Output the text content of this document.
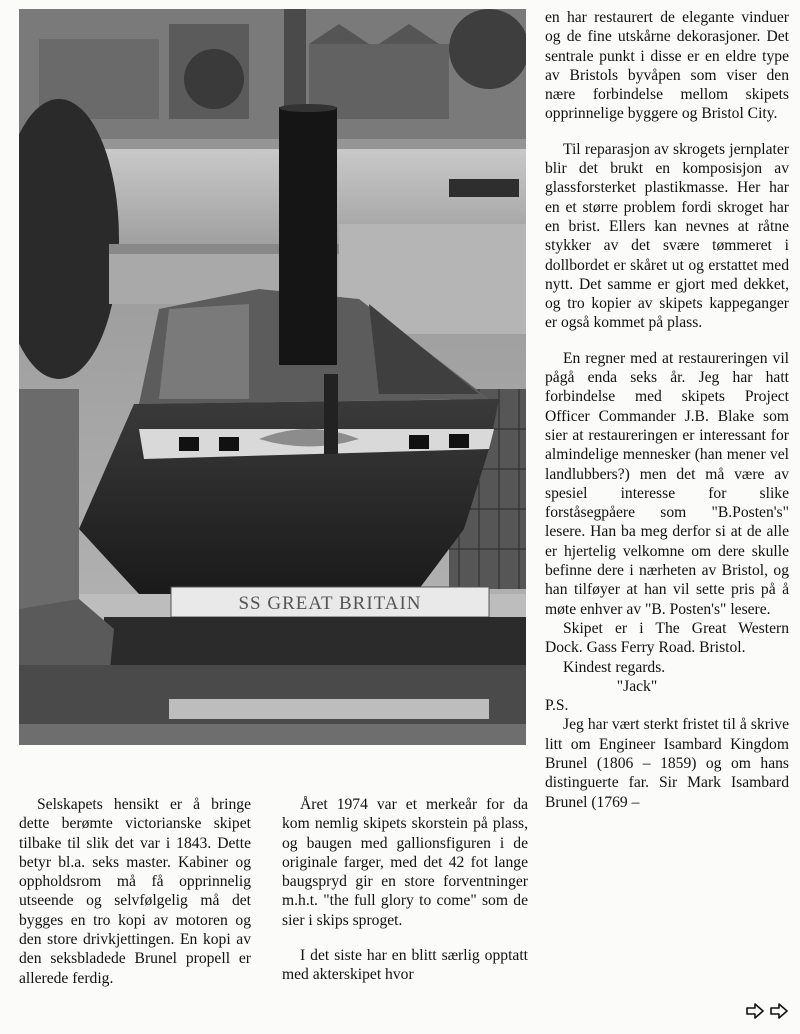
SS GREAT BRITAIN

en har restaurert de elegante vinduer og de fine utskårne dekorasjoner. Det sentrale punkt i disse er en eldre type av Bristols byvåpen som viser den nære forbindelse mellom skipets opprinnelige byggere og Bristol City.

Til reparasjon av skrogets jernplater blir det brukt en komposisjon av glassforsterket plastikmasse. Her har en et større problem fordi skroget har en brist. Ellers kan nevnes at råtne stykker av det svære tømmeret i dollbordet er skåret ut og erstattet med nytt. Det samme er gjort med dekket, og tro kopier av skipets kappeganger er også kommet på plass.

En regner med at restaureringen vil pågå enda seks år. Jeg har hatt forbindelse med skipets Project Officer Commander J.B. Blake som sier at restaureringen er interessant for almindelige mennesker (han mener vel landlubbers?) men det må være av spesiel interesse for slike forståsegpåere som "B.Posten's" lesere. Han ba meg derfor si at de alle er hjertelig velkomne om dere skulle befinne dere i nærheten av Bristol, og han tilføyer at han vil sette pris på å møte enhver av "B. Posten's" lesere.

Skipet er i The Great Western Dock. Gass Ferry Road. Bristol.

Kindest regards.

"Jack"

P.S.

Jeg har vært sterkt fristet til å skrive litt om Engineer Isambard Kingdom Brunel (1806 – 1859) og om hans distinguerte far. Sir Mark Isambard Brunel (1769 –

Selskapets hensikt er å bringe dette berømte victorianske skipet tilbake til slik det var i 1843. Dette betyr bl.a. seks master. Kabiner og oppholdsrom må få opprinnelig utseende og selvfølgelig må det bygges en tro kopi av motoren og den store drivkjettingen. En kopi av den seksbladede Brunel propell er allerede ferdig.

Året 1974 var et merkeår for da kom nemlig skipets skorstein på plass, og baugen med gallionsfiguren i de originale farger, med det 42 fot lange baugspryd gir en store forventninger m.h.t. "the full glory to come" som de sier i skips sproget.

I det siste har en blitt særlig opptatt med akterskipet hvor
